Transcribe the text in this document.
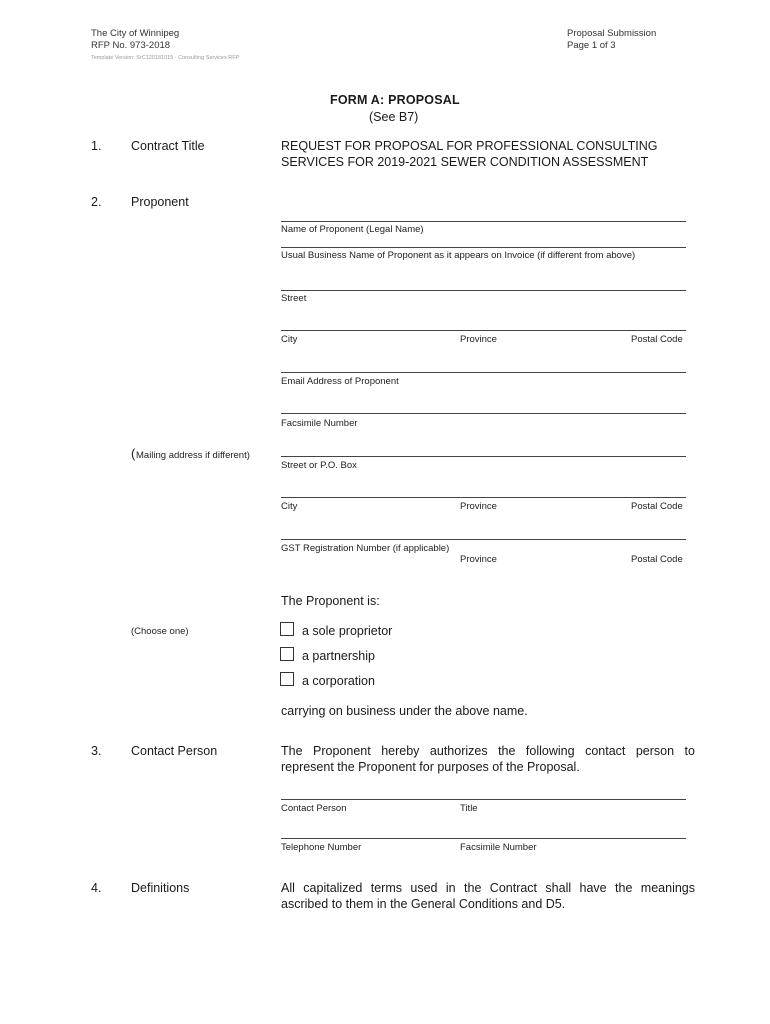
The City of Winnipeg
RFP No. 973-2018
Template Version: SrC120181015 - Consulting Services RFP
Proposal Submission
Page 1 of 3
FORM A: PROPOSAL
(See B7)
1. Contract Title	REQUEST FOR PROPOSAL FOR PROFESSIONAL CONSULTING
SERVICES FOR 2019-2021 SEWER CONDITION ASSESSMENT
2. Proponent
Name of Proponent (Legal Name)
Usual Business Name of Proponent as it appears on Invoice (if different from above)
Street
City	Province	Postal Code
Email Address of Proponent
Facsimile Number
( Mailing address if different)
Street or P.O. Box
City	Province	Postal Code
GST Registration Number (if applicable)
Province	Postal Code
The Proponent is:
(Choose one)	a sole proprietor
a partnership
a corporation
carrying on business under the above name.
3. Contact Person	The Proponent hereby authorizes the following contact person to represent the Proponent for purposes of the Proposal.
Contact Person	Title
Telephone Number	Facsimile Number
4. Definitions	All capitalized terms used in the Contract shall have the meanings ascribed to them in the General Conditions and D5.
